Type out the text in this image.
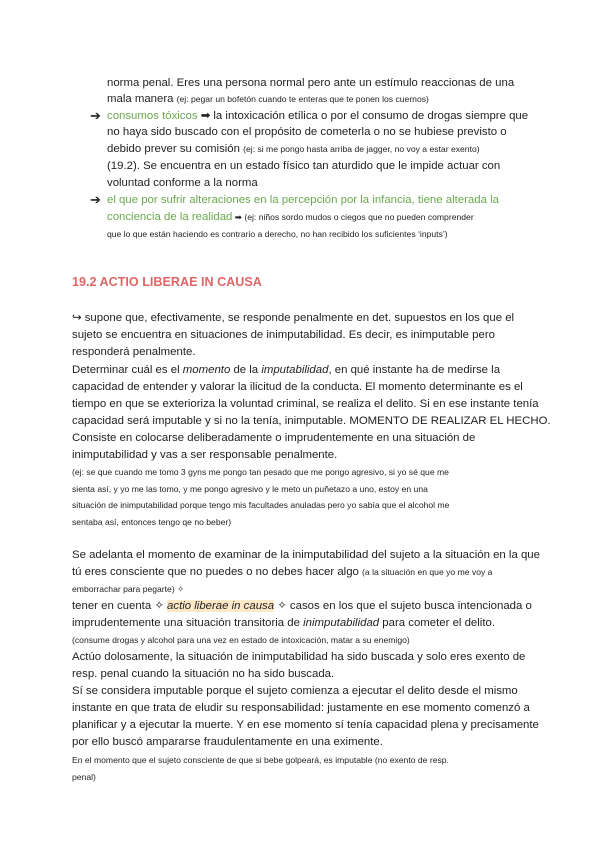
norma penal. Eres una persona normal pero ante un estímulo reaccionas de una
mala manera (ej: pegar un bofetón cuando te enteras que te ponen los cuernos)
➔ consumos tóxicos ➡ la intoxicación etílica o por el consumo de drogas siempre que
no haya sido buscado con el propósito de cometerla o no se hubiese previsto o
debido prever su comisión (ej: si me pongo hasta arriba de jagger, no voy a estar exento)
(19.2). Se encuentra en un estado físico tan aturdido que le impide actuar con
voluntad conforme a la norma
➔ el que por sufrir alteraciones en la percepción por la infancia, tiene alterada la
conciencia de la realidad ➡ (ej: niños sordo mudos o ciegos que no pueden comprender
que lo que están haciendo es contrario a derecho, no han recibido los suficientes ‘inputs’)
19.2 ACTIO LIBERAE IN CAUSA
↪ supone que, efectivamente, se responde penalmente en det. supuestos en los que el
sujeto se encuentra en situaciones de inimputabilidad. Es decir, es inimputable pero
responderá penalmente.
Determinar cuál es el momento de la imputabilidad, en qué instante ha de medirse la
capacidad de entender y valorar la ilicitud de la conducta. El momento determinante es el
tiempo en que se exterioriza la voluntad criminal, se realiza el delito. Si en ese instante tenía
capacidad será imputable y si no la tenía, inimputable. MOMENTO DE REALIZAR EL HECHO.
Consiste en colocarse deliberadamente o imprudentemente en una situación de
inimputabilidad y vas a ser responsable penalmente.
(ej: se que cuando me tomo 3 gyns me pongo tan pesado que me pongo agresivo, si yo sé que me
sienta así, y yo me las tomo, y me pongo agresivo y le meto un puñetazo a uno, estoy en una
situación de inimputabilidad porque tengo mis facultades anuladas pero yo sabía que el alcohol me
sentaba así, entonces tengo qe no beber)
Se adelanta el momento de examinar de la inimputabilidad del sujeto a la situación en la que
tú eres consciente que no puedes o no debes hacer algo (a la situación en que yo me voy a
emborrachar para pegarte) ✧
tener en cuenta ✧ actio liberae in causa ✧ casos en los que el sujeto busca intencionada o
imprudentemente una situación transitoria de inimputabilidad para cometer el delito.
(consume drogas y alcohol para una vez en estado de intoxicación, matar a su enemigo)
Actúo dolosamente, la situación de inimputabilidad ha sido buscada y solo eres exento de
resp. penal cuando la situación no ha sido buscada.
Sí se considera imputable porque el sujeto comienza a ejecutar el delito desde el mismo
instante en que trata de eludir su responsabilidad: justamente en ese momento comenzó a
planificar y a ejecutar la muerte. Y en ese momento sí tenía capacidad plena y precisamente
por ello buscó ampararse fraudulentamente en una eximente.
En el momento que el sujeto consciente de que si bebe golpeará, es imputable (no exento de resp.
penal)
